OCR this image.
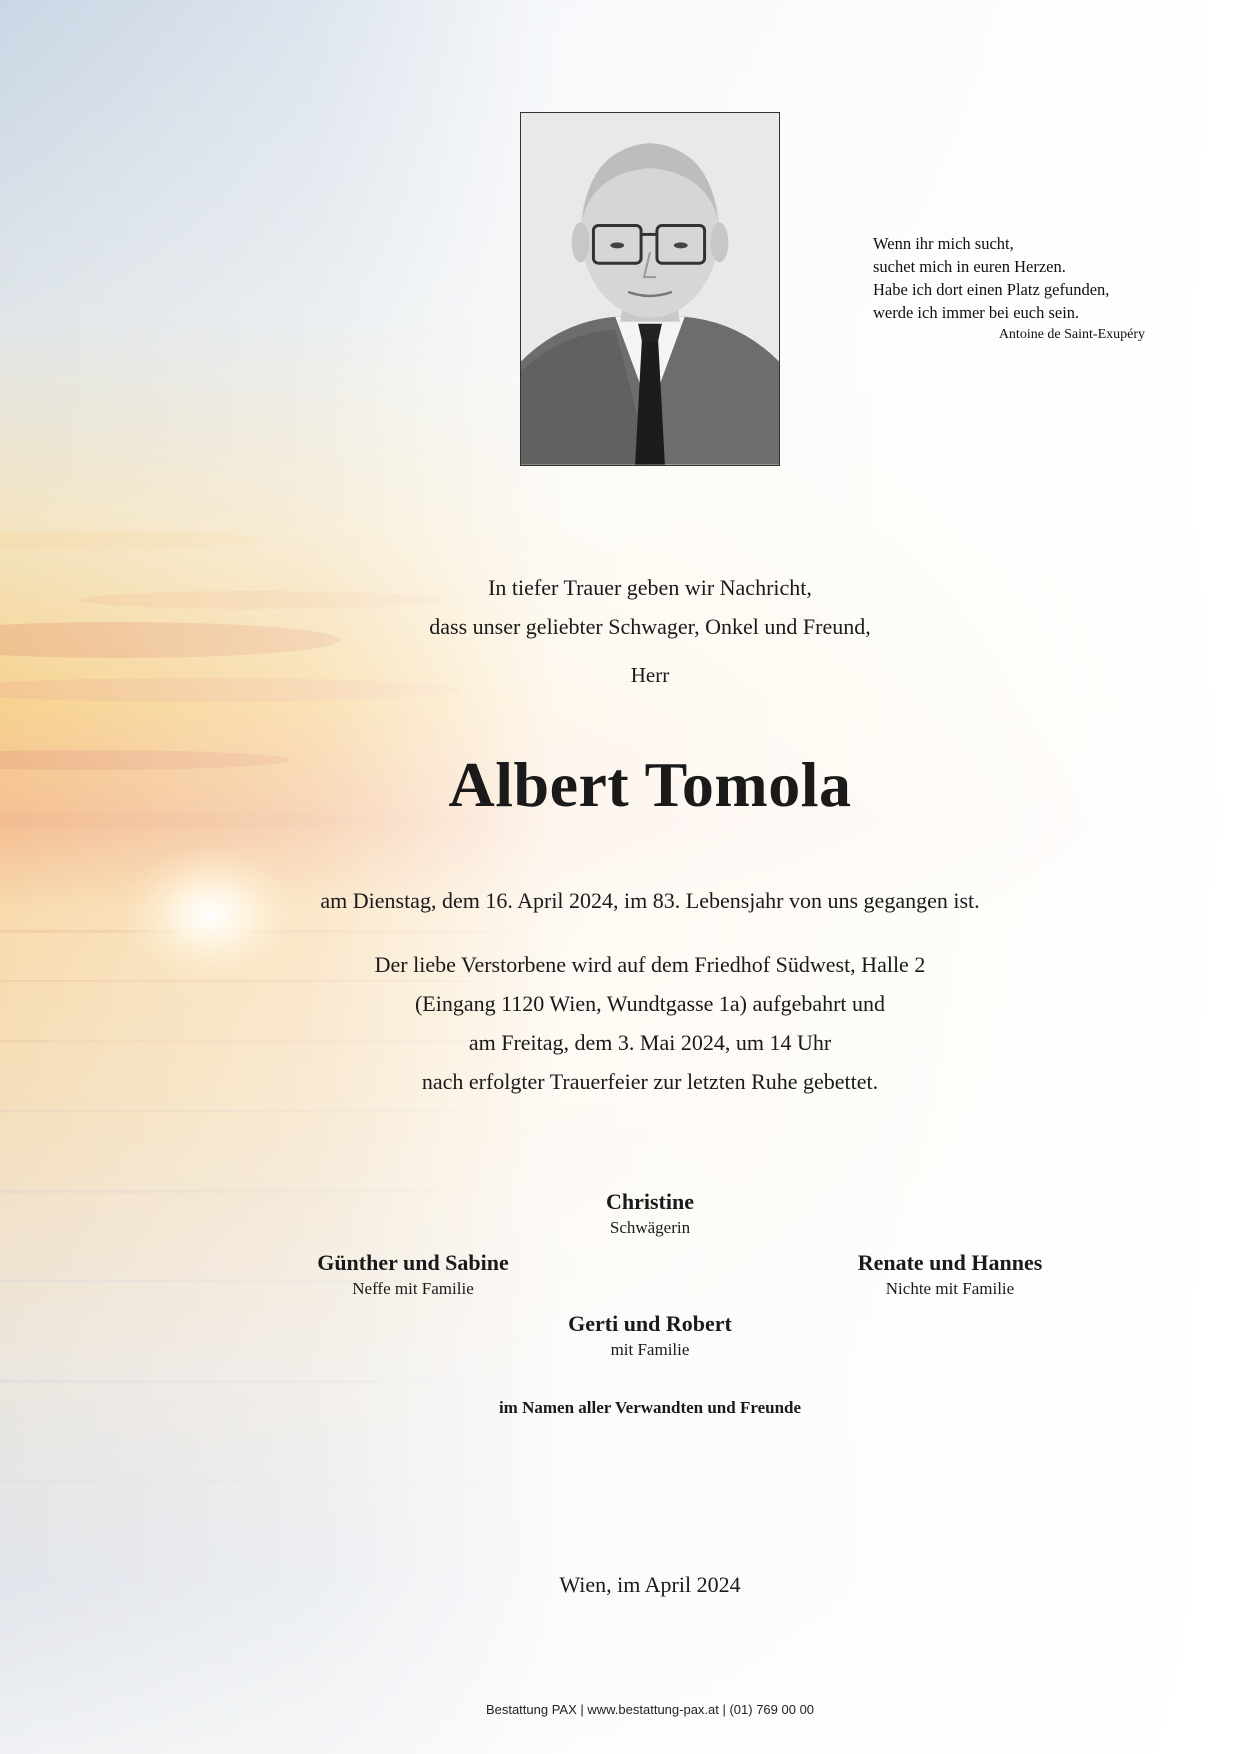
Wenn ihr mich sucht,
suchet mich in euren Herzen.
Habe ich dort einen Platz gefunden,
werde ich immer bei euch sein.
Antoine de Saint-Exupéry
In tiefer Trauer geben wir Nachricht,
dass unser geliebter Schwager, Onkel und Freund,
Herr
Albert Tomola
am Dienstag, dem 16. April 2024, im 83. Lebensjahr von uns gegangen ist.
Der liebe Verstorbene wird auf dem Friedhof Südwest, Halle 2
(Eingang 1120 Wien, Wundtgasse 1a) aufgebahrt und
am Freitag, dem 3. Mai 2024, um 14 Uhr
nach erfolgter Trauerfeier zur letzten Ruhe gebettet.
Christine
Schwägerin
Günther und Sabine
Neffe mit Familie
Renate und Hannes
Nichte mit Familie
Gerti und Robert
mit Familie
im Namen aller Verwandten und Freunde
Wien, im April 2024
Bestattung PAX | www.bestattung-pax.at | (01) 769 00 00
